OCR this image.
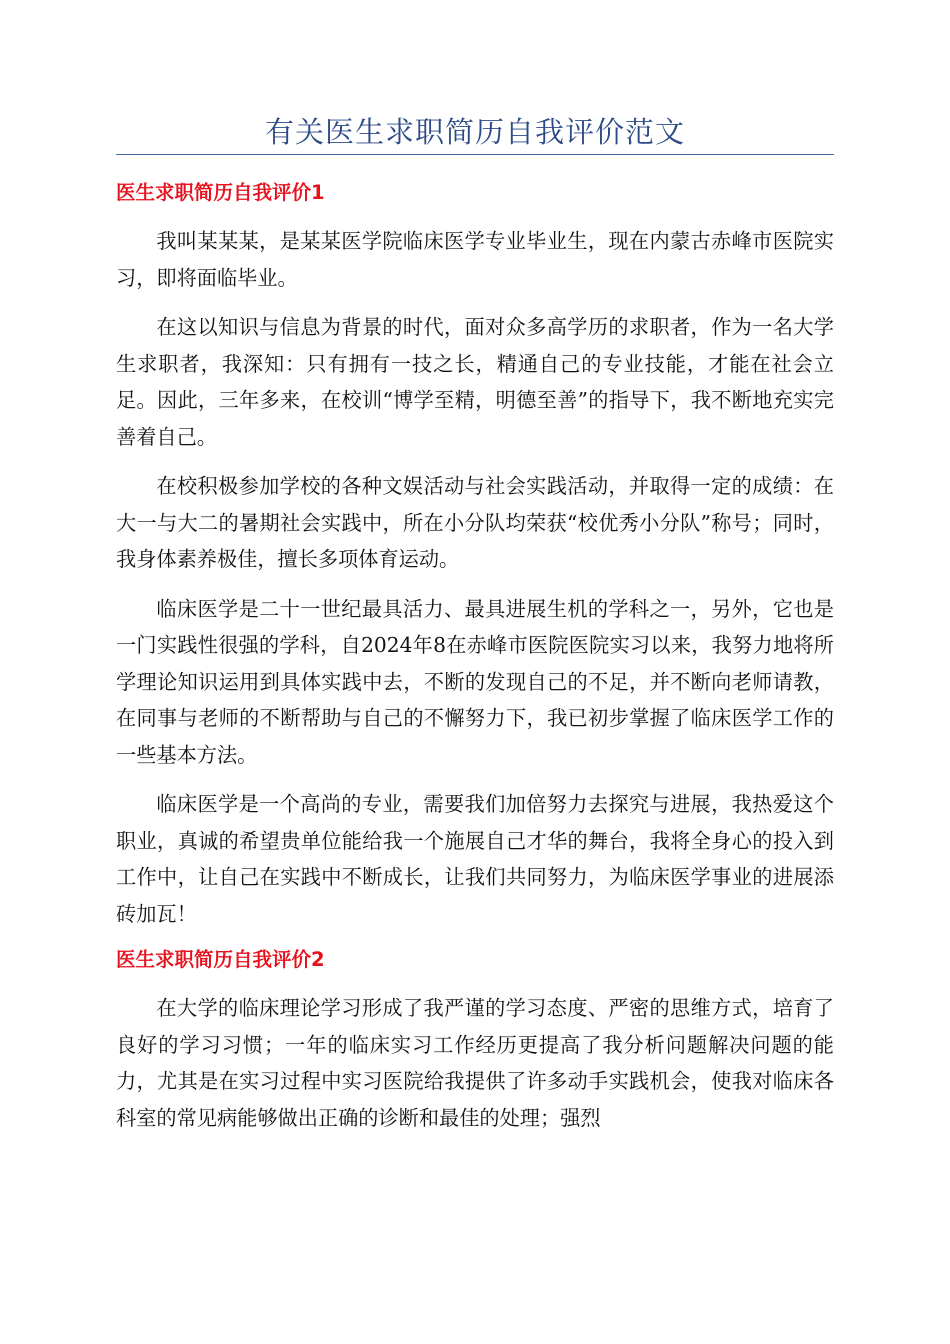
有关医生求职简历自我评价范文
医生求职简历自我评价1

我叫某某某，是某某医学院临床医学专业毕业生，现在内蒙古赤峰市医院实习，即将面临毕业。

在这以知识与信息为背景的时代，面对众多高学历的求职者，作为一名大学生求职者，我深知：只有拥有一技之长，精通自己的专业技能，才能在社会立足。因此，三年多来，在校训“博学至精，明德至善”的指导下，我不断地充实完善着自己。

在校积极参加学校的各种文娱活动与社会实践活动，并取得一定的成绩：在大一与大二的暑期社会实践中，所在小分队均荣获“校优秀小分队”称号；同时，我身体素养极佳，擅长多项体育运动。

临床医学是二十一世纪最具活力、最具进展生机的学科之一，另外，它也是一门实践性很强的学科，自2024年8在赤峰市医院医院实习以来，我努力地将所学理论知识运用到具体实践中去，不断的发现自己的不足，并不断向老师请教，在同事与老师的不断帮助与自己的不懈努力下，我已初步掌握了临床医学工作的一些基本方法。

临床医学是一个高尚的专业，需要我们加倍努力去探究与进展，我热爱这个职业，真诚的希望贵单位能给我一个施展自己才华的舞台，我将全身心的投入到工作中，让自己在实践中不断成长，让我们共同努力，为临床医学事业的进展添砖加瓦！

医生求职简历自我评价2

在大学的临床理论学习形成了我严谨的学习态度、严密的思维方式，培育了良好的学习习惯；一年的临床实习工作经历更提高了我分析问题解决问题的能力，尤其是在实习过程中实习医院给我提供了许多动手实践机会，使我对临床各科室的常见病能够做出正确的诊断和最佳的处理；强烈
